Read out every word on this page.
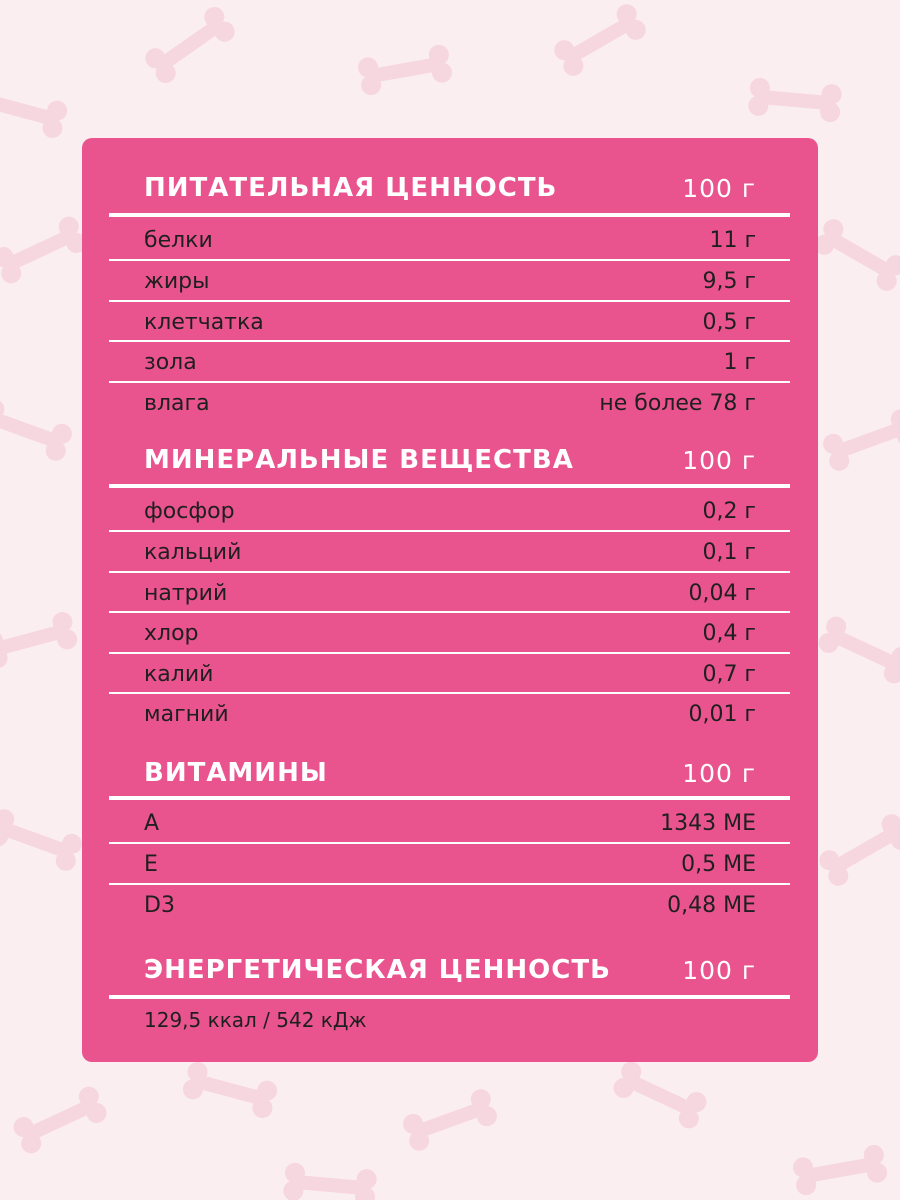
ПИТАТЕЛЬНАЯ ЦЕННОСТЬ	100 г
белки	11 г
жиры	9,5 г
клетчатка	0,5 г
зола	1 г
влага	не более 78 г
МИНЕРАЛЬНЫЕ ВЕЩЕСТВА	100 г
фосфор	0,2 г
кальций	0,1 г
натрий	0,04 г
хлор	0,4 г
калий	0,7 г
магний	0,01 г
ВИТАМИНЫ	100 г
A	1343 МЕ
E	0,5 МЕ
D3	0,48 МЕ
ЭНЕРГЕТИЧЕСКАЯ ЦЕННОСТЬ	100 г
129,5 ккал / 542 кДж
